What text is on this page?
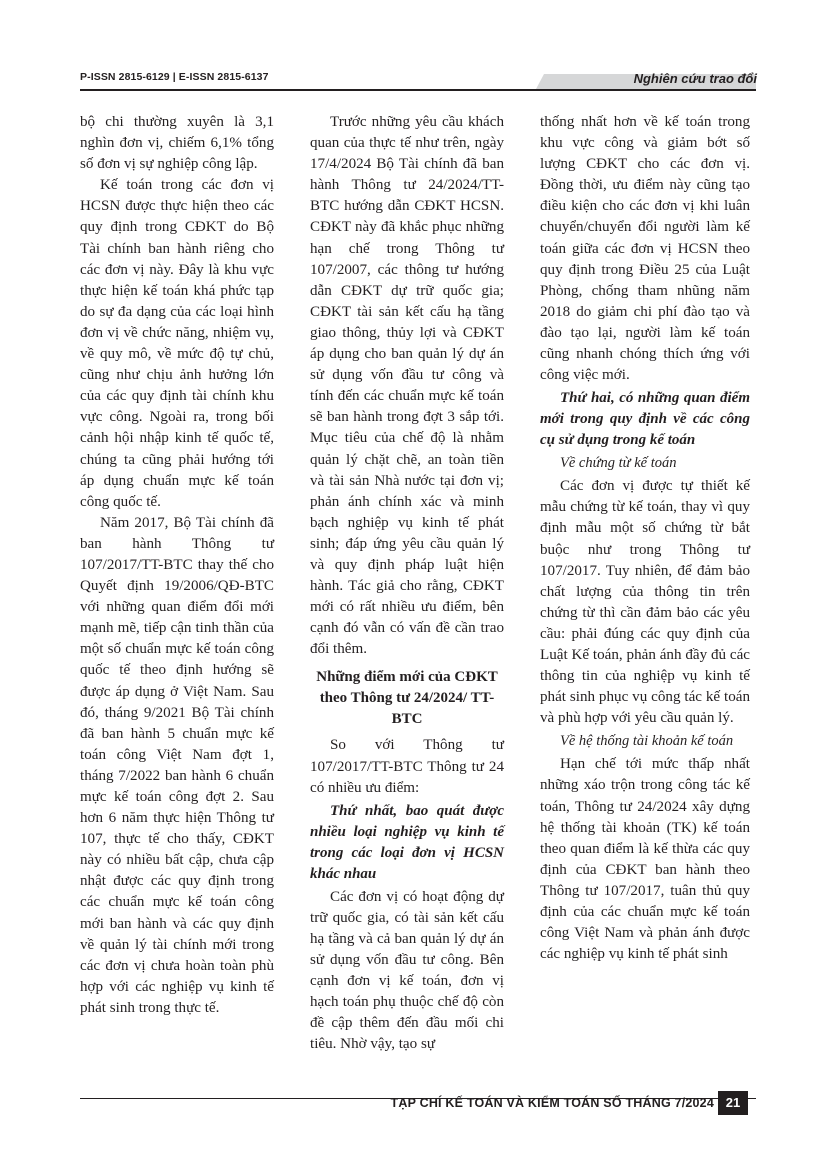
P-ISSN 2815-6129 | E-ISSN 2815-6137	Nghiên cứu trao đổi

bộ chi thường xuyên là 3,1 nghìn đơn vị, chiếm 6,1% tổng số đơn vị sự nghiệp công lập.

Kế toán trong các đơn vị HCSN được thực hiện theo các quy định trong CĐKT do Bộ Tài chính ban hành riêng cho các đơn vị này. Đây là khu vực thực hiện kế toán khá phức tạp do sự đa dạng của các loại hình đơn vị về chức năng, nhiệm vụ, về quy mô, về mức độ tự chủ, cũng như chịu ảnh hưởng lớn của các quy định tài chính khu vực công. Ngoài ra, trong bối cảnh hội nhập kinh tế quốc tế, chúng ta cũng phải hướng tới áp dụng chuẩn mực kế toán công quốc tế.

Năm 2017, Bộ Tài chính đã ban hành Thông tư 107/2017/TT-BTC thay thế cho Quyết định 19/2006/QĐ-BTC với những quan điểm đổi mới mạnh mẽ, tiếp cận tinh thần của một số chuẩn mực kế toán công quốc tế theo định hướng sẽ được áp dụng ở Việt Nam. Sau đó, tháng 9/2021 Bộ Tài chính đã ban hành 5 chuẩn mực kế toán công Việt Nam đợt 1, tháng 7/2022 ban hành 6 chuẩn mực kế toán công đợt 2. Sau hơn 6 năm thực hiện Thông tư 107, thực tế cho thấy, CĐKT này có nhiều bất cập, chưa cập nhật được các quy định trong các chuẩn mực kế toán công mới ban hành và các quy định về quản lý tài chính mới trong các đơn vị chưa hoàn toàn phù hợp với các nghiệp vụ kinh tế phát sinh trong thực tế.

Trước những yêu cầu khách quan của thực tế như trên, ngày 17/4/2024 Bộ Tài chính đã ban hành Thông tư 24/2024/TT-BTC hướng dẫn CĐKT HCSN. CĐKT này đã khắc phục những hạn chế trong Thông tư 107/2007, các thông tư hướng dẫn CĐKT dự trữ quốc gia; CĐKT tài sản kết cấu hạ tầng giao thông, thủy lợi và CĐKT áp dụng cho ban quản lý dự án sử dụng vốn đầu tư công và tính đến các chuẩn mực kế toán sẽ ban hành trong đợt 3 sắp tới. Mục tiêu của chế độ là nhằm quản lý chặt chẽ, an toàn tiền và tài sản Nhà nước tại đơn vị; phản ánh chính xác và minh bạch nghiệp vụ kinh tế phát sinh; đáp ứng yêu cầu quản lý và quy định pháp luật hiện hành. Tác giả cho rằng, CĐKT mới có rất nhiều ưu điểm, bên cạnh đó vẫn có vấn đề cần trao đổi thêm.

Những điểm mới của CĐKT theo Thông tư 24/2024/ TT-BTC

So với Thông tư 107/2017/TT-BTC Thông tư 24 có nhiều ưu điểm:

Thứ nhất, bao quát được nhiều loại nghiệp vụ kinh tế trong các loại đơn vị HCSN khác nhau

Các đơn vị có hoạt động dự trữ quốc gia, có tài sản kết cấu hạ tầng và cả ban quản lý dự án sử dụng vốn đầu tư công. Bên cạnh đơn vị kế toán, đơn vị hạch toán phụ thuộc chế độ còn đề cập thêm đến đầu mối chi tiêu. Nhờ vậy, tạo sự

thống nhất hơn về kế toán trong khu vực công và giảm bớt số lượng CĐKT cho các đơn vị. Đồng thời, ưu điểm này cũng tạo điều kiện cho các đơn vị khi luân chuyển/chuyển đổi người làm kế toán giữa các đơn vị HCSN theo quy định trong Điều 25 của Luật Phòng, chống tham nhũng năm 2018 do giảm chi phí đào tạo và đào tạo lại, người làm kế toán cũng nhanh chóng thích ứng với công việc mới.

Thứ hai, có những quan điểm mới trong quy định về các công cụ sử dụng trong kế toán
Về chứng từ kế toán

Các đơn vị được tự thiết kế mẫu chứng từ kế toán, thay vì quy định mẫu một số chứng từ bắt buộc như trong Thông tư 107/2017. Tuy nhiên, để đảm bảo chất lượng của thông tin trên chứng từ thì cần đảm bảo các yêu cầu: phải đúng các quy định của Luật Kế toán, phản ánh đầy đủ các thông tin của nghiệp vụ kinh tế phát sinh phục vụ công tác kế toán và phù hợp với yêu cầu quản lý.

Về hệ thống tài khoản kế toán

Hạn chế tới mức thấp nhất những xáo trộn trong công tác kế toán, Thông tư 24/2024 xây dựng hệ thống tài khoản (TK) kế toán theo quan điểm là kế thừa các quy định của CĐKT ban hành theo Thông tư 107/2017, tuân thủ quy định của các chuẩn mực kế toán công Việt Nam và phản ánh được các nghiệp vụ kinh tế phát sinh

TẠP CHÍ KẾ TOÁN VÀ KIỂM TOÁN SỐ THÁNG 7/2024 21
